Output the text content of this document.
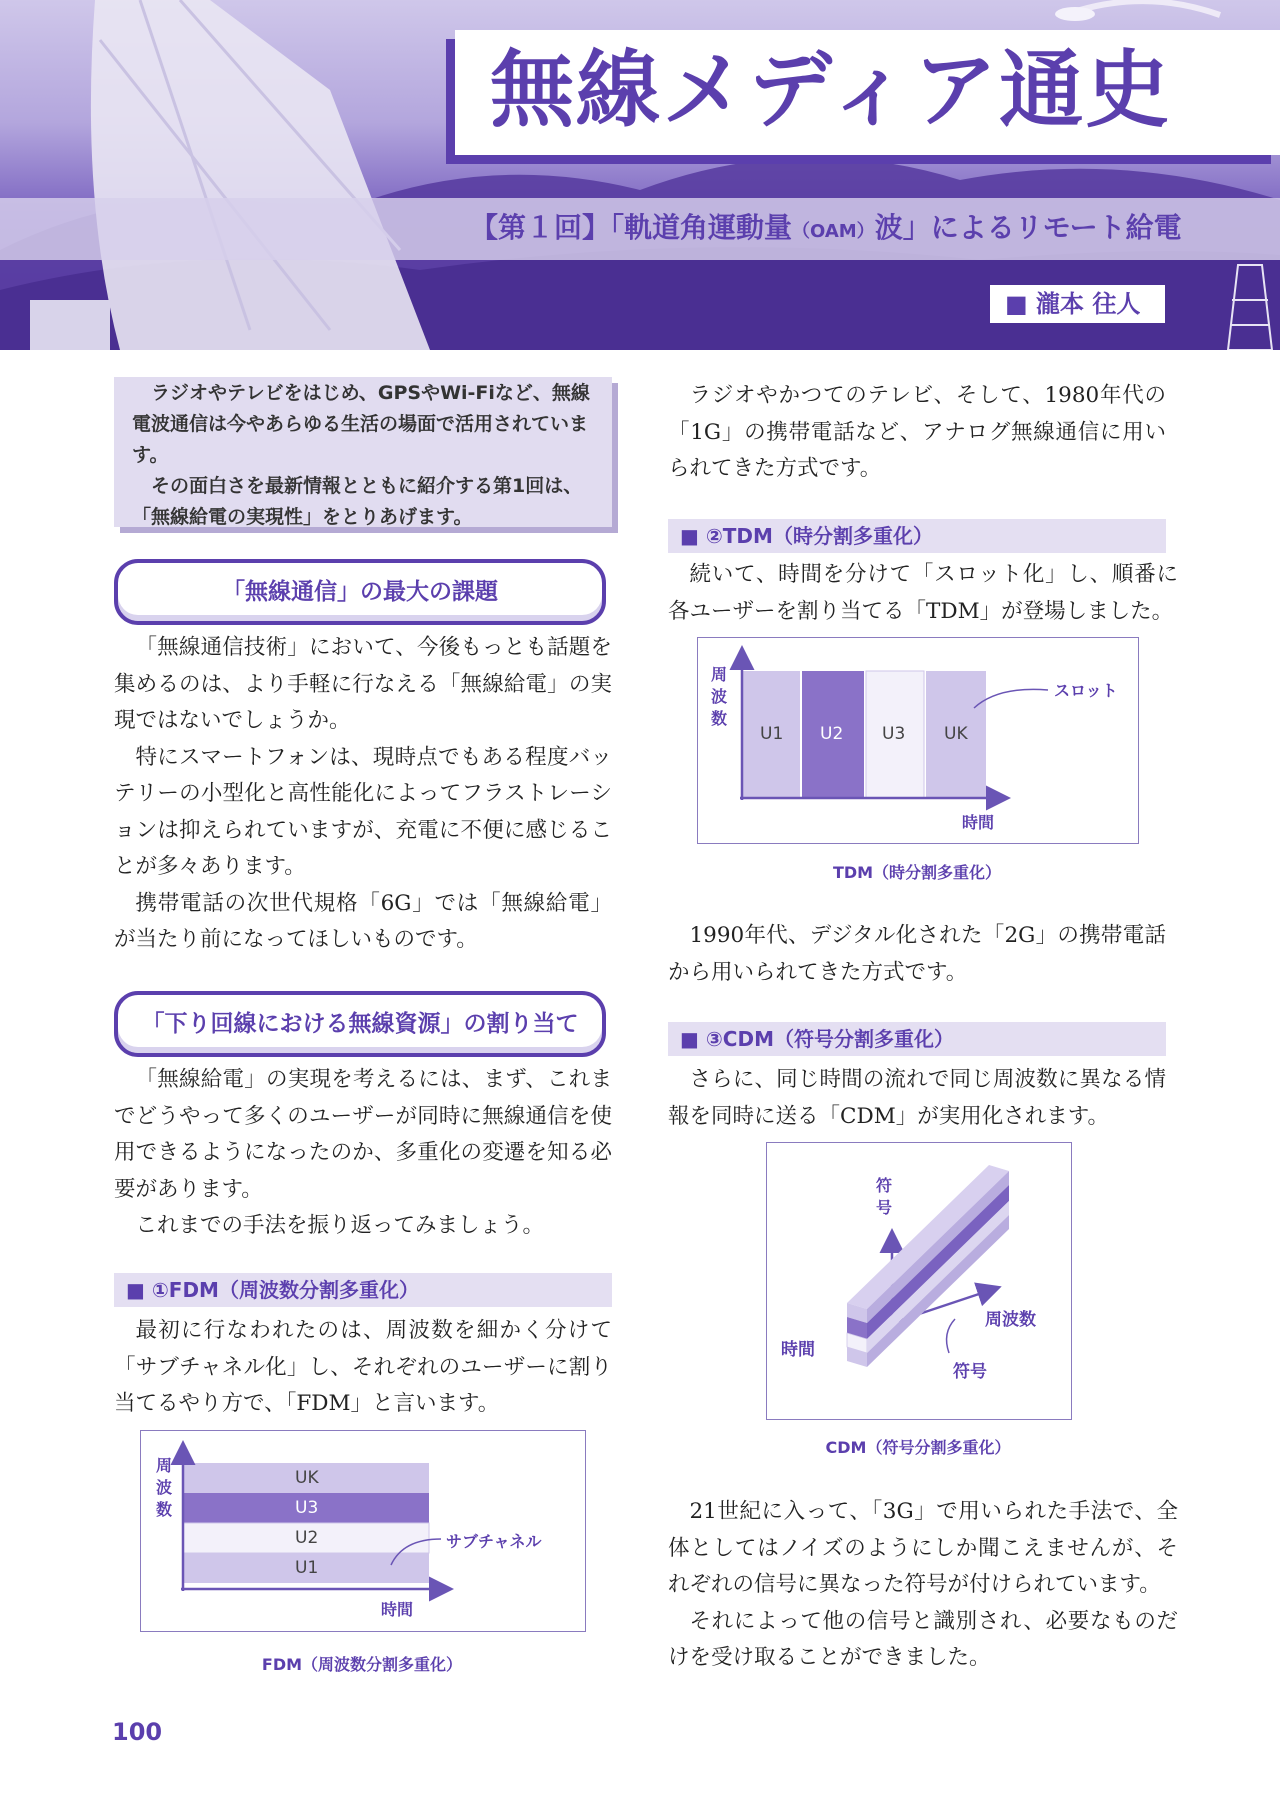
無線メディア通史
【第１回】「軌道角運動量（OAM）波」によるリモート給電
■ 瀧本 往人

ラジオやテレビをはじめ、GPSやWi-Fiなど、無線電波通信は今やあらゆる生活の場面で活用されています。

その面白さを最新情報とともに紹介する第1回は、「無線給電の実現性」をとりあげます。

「無線通信」の最大の課題

「無線通信技術」において、今後もっとも話題を集めるのは、より手軽に行なえる「無線給電」の実現ではないでしょうか。

特にスマートフォンは、現時点でもある程度バッテリーの小型化と高性能化によってフラストレーションは抑えられていますが、充電に不便に感じることが多々あります。

携帯電話の次世代規格「6G」では「無線給電」が当たり前になってほしいものです。

「下り回線における無線資源」の割り当て

「無線給電」の実現を考えるには、まず、これまでどうやって多くのユーザーが同時に無線通信を使用できるようになったのか、多重化の変遷を知る必要があります。

これまでの手法を振り返ってみましょう。

■ ①FDM（周波数分割多重化）

最初に行なわれたのは、周波数を細かく分けて「サブチャネル化」し、それぞれのユーザーに割り当てるやり方で、「FDM」と言います。

周
波
数
UK
U3
U2
U1
サブチャネル
時間
FDM（周波数分割多重化）
100

ラジオやかつてのテレビ、そして、1980年代の「1G」の携帯電話など、アナログ無線通信に用いられてきた方式です。

■ ②TDM（時分割多重化）

続いて、時間を分けて「スロット化」し、順番に各ユーザーを割り当てる「TDM」が登場しました。

周
波
数
U1 U2 U3 UK
スロット
時間
TDM（時分割多重化）

1990年代、デジタル化された「2G」の携帯電話から用いられてきた方式です。

■ ③CDM（符号分割多重化）

さらに、同じ時間の流れで同じ周波数に異なる情報を同時に送る「CDM」が実用化されます。

符
号
周波数
時間
符号
CDM（符号分割多重化）

21世紀に入って、「3G」で用いられた手法で、全体としてはノイズのようにしか聞こえませんが、それぞれの信号に異なった符号が付けられています。

それによって他の信号と識別され、必要なものだけを受け取ることができました。
